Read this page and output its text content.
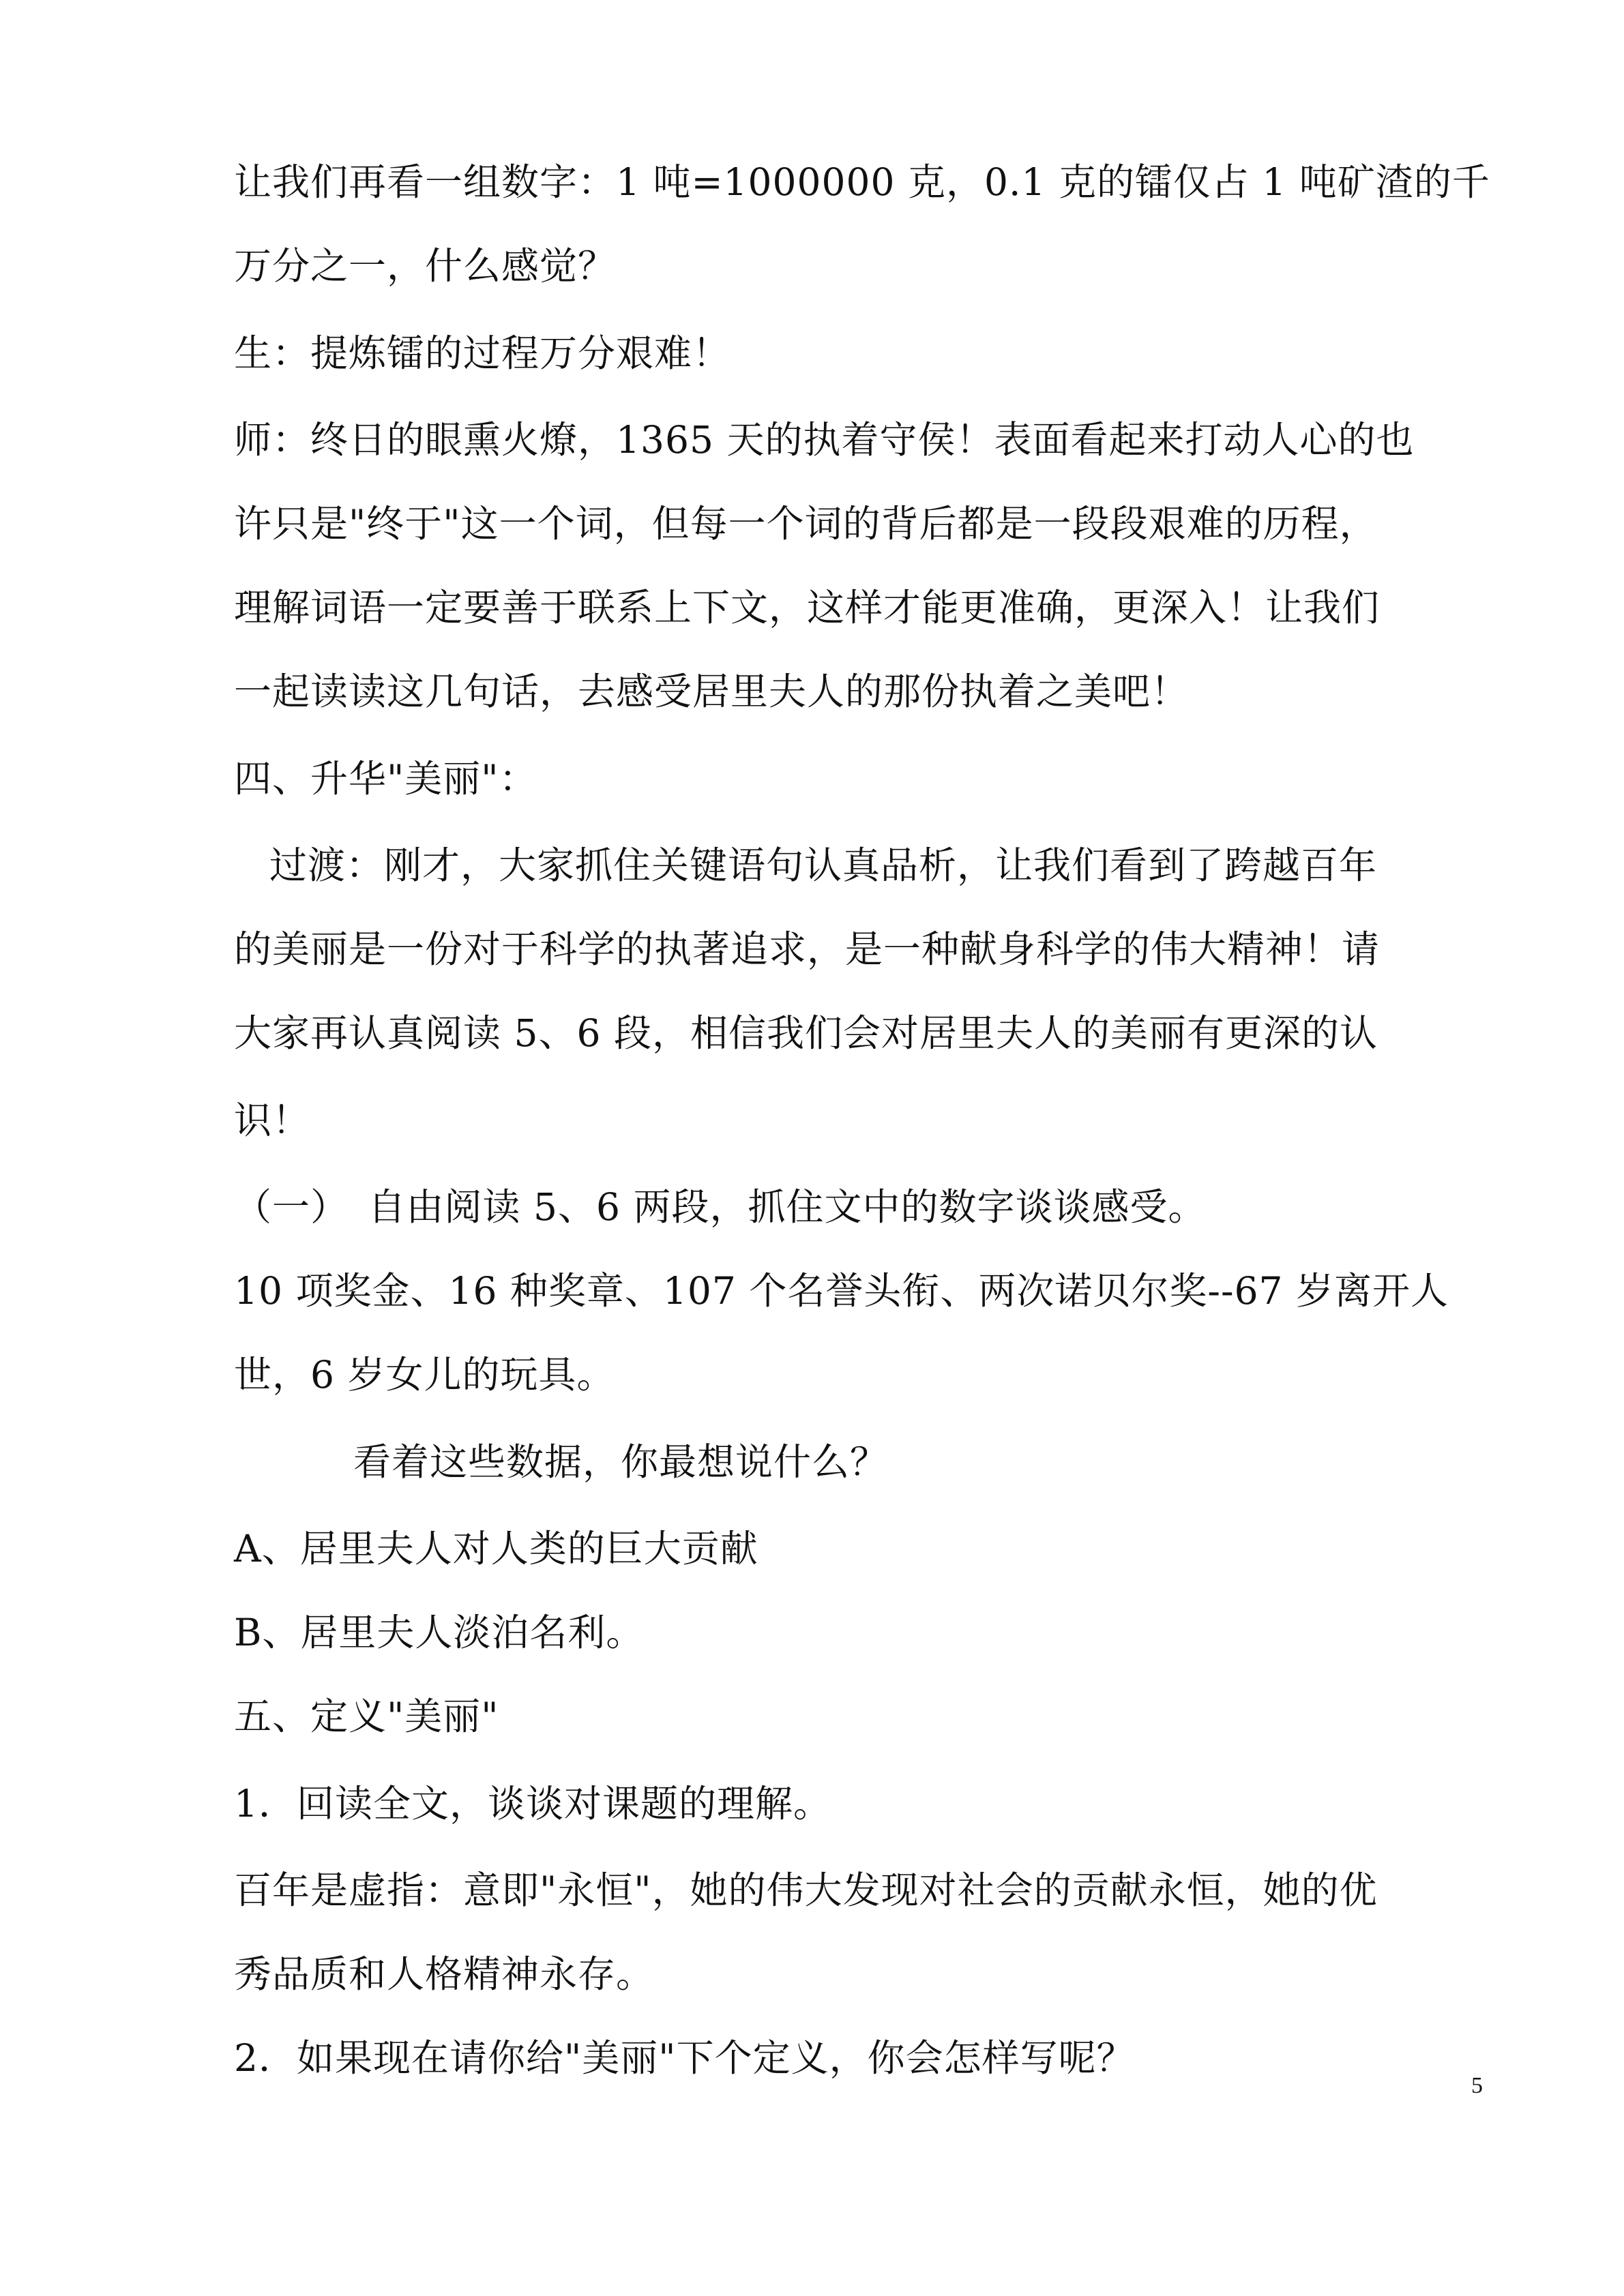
让我们再看一组数字：1 吨=1000000 克，0.1 克的镭仅占 1 吨矿渣的千
万分之一，什么感觉？
生：提炼镭的过程万分艰难！
师：终日的眼熏火燎，1365 天的执着守侯！表面看起来打动人心的也
许只是"终于"这一个词，但每一个词的背后都是一段段艰难的历程，
理解词语一定要善于联系上下文，这样才能更准确，更深入！让我们
一起读读这几句话，去感受居里夫人的那份执着之美吧！
四、升华"美丽"：
过渡：刚才，大家抓住关键语句认真品析，让我们看到了跨越百年
的美丽是一份对于科学的执著追求，是一种献身科学的伟大精神！请
大家再认真阅读 5、6 段，相信我们会对居里夫人的美丽有更深的认
识！
（一）　自由阅读 5、6 两段，抓住文中的数字谈谈感受。
10 项奖金、16 种奖章、107 个名誉头衔、两次诺贝尔奖--67 岁离开人
世，6 岁女儿的玩具。
看着这些数据，你最想说什么？
A、居里夫人对人类的巨大贡献
B、居里夫人淡泊名利。
五、定义"美丽"
1．回读全文，谈谈对课题的理解。
百年是虚指：意即"永恒"，她的伟大发现对社会的贡献永恒，她的优
秀品质和人格精神永存。
2．如果现在请你给"美丽"下个定义，你会怎样写呢？
5
